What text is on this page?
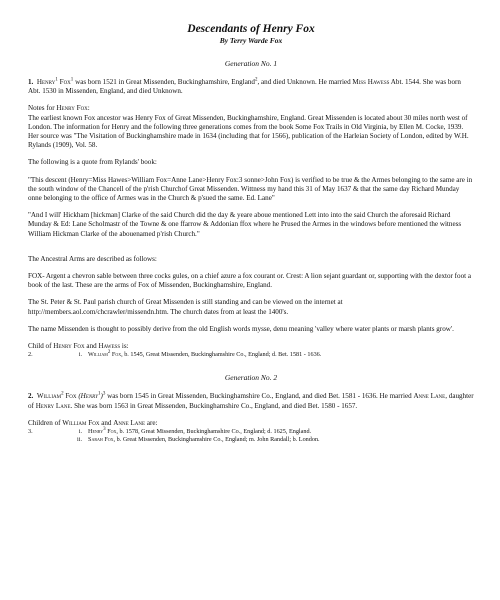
Descendants of Henry Fox
By Terry Warde Fox
Generation No. 1

1. Henry$^1$ Fox$^1$ was born 1521 in Great Missenden, Buckinghamshire, England$^2$, and died Unknown. He married Miss Hawess Abt. 1544. She was born Abt. 1530 in Missenden, England, and died Unknown.

Notes for Henry Fox:

The earliest known Fox ancestor was Henry Fox of Great Missenden, Buckinghamshire, England. Great Missenden is located about 30 miles north west of London. The information for Henry and the following three generations comes from the book Some Fox Trails in Old Virginia, by Ellen M. Cocke, 1939. Her source was "The Visitation of Buckinghamshire made in 1634 (including that for 1566), publication of the Harleian Society of London, edited by W.H. Rylands (1909), Vol. 58.

The following is a quote from Rylands' book:

"This descent (Henry=Miss Hawes>William Fox=Anne Lane>Henry Fox:3 sonne>John Fox) is verified to be true & the Armes belonging to the same are in the south window of the Chancell of the p'rish Churchof Great Missenden. Wittness my hand this 31 of May 1637 & that the same day Richard Munday onne belonging to the office of Armes was in the Church & p'sued the same. Ed. Lane"

"And I will' Hickham [hickman] Clarke of the said Church did the day & yeare aboue mentioned Lett into into the said Church the aforesaid Richard Munday & Ed: Lane Scholmastr of the Towne & one ffarrow & Addonian ffox where he Prused the Armes in the windows before mentioned the witness William Hickman Clarke of the abouenamed p'rish Church."

The Ancestral Arms are described as follows:

FOX- Argent a chevron sable between three cocks gules, on a chief azure a fox courant or. Crest: A lion sejant guardant or, supporting with the dextor foot a book of the last. These are the arms of Fox of Missenden, Buckinghamshire, England.

The St. Peter & St. Paul parish church of Great Missenden is still standing and can be viewed on the internet at http://members.aol.com/chcrawler/missendn.htm. The church dates from at least the 1400's.

The name Missenden is thought to possibly derive from the old English words mysse, denu meaning 'valley where water plants or marsh plants grow'.

Child of Henry Fox and Hawess is:

2.	i. William$^2$ Fox, b. 1545, Great Missenden, Buckinghamshire Co., England; d. Bet. 1581 - 1636.
Generation No. 2

2. William$^2$ Fox (Henry$^1$)$^3$ was born 1545 in Great Missenden, Buckinghamshire Co., England, and died Bet. 1581 - 1636. He married Anne Lane, daughter of Henry Lane. She was born 1563 in Great Missenden, Buckinghamshire Co., England, and died Bet. 1580 - 1657.

Children of William Fox and Anne Lane are:

3.	i. Henry$^3$ Fox, b. 1578, Great Missenden, Buckinghamshire Co., England; d. 1625, England.
ii. Sarah Fox, b. Great Missenden, Buckinghamshire Co., England; m. John Randall; b. London.
